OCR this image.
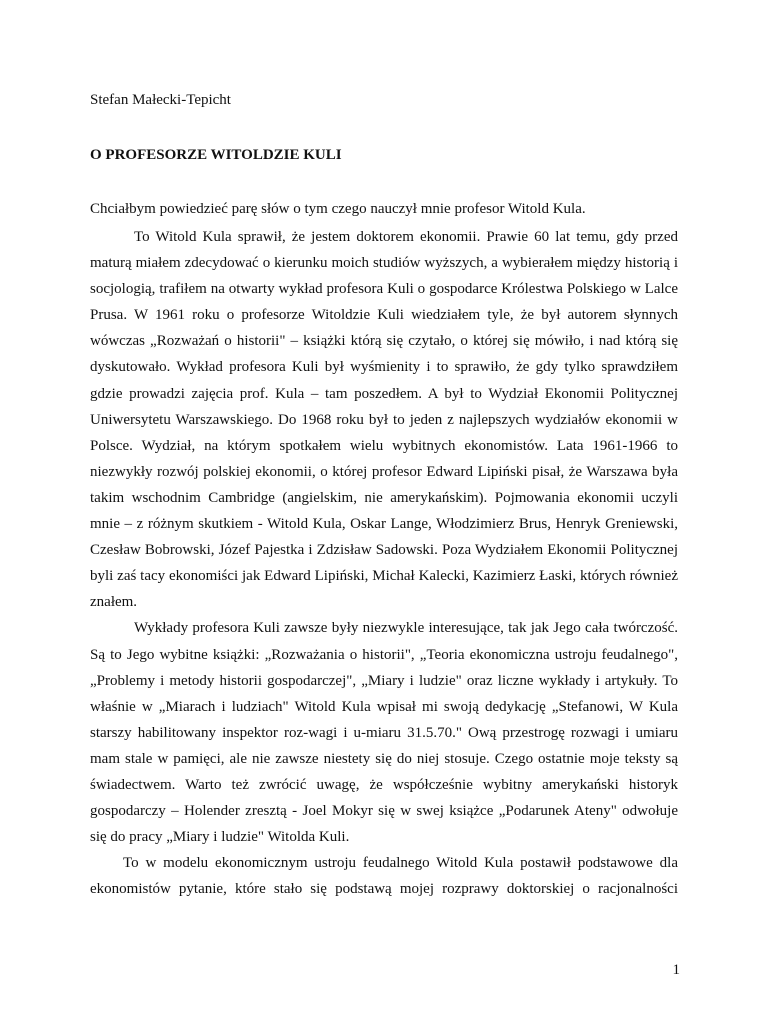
Stefan Małecki-Tepicht
O PROFESORZE WITOLDZIE KULI
Chciałbym powiedzieć parę słów o tym czego nauczył mnie profesor Witold Kula.
To Witold Kula sprawił, że jestem doktorem ekonomii. Prawie 60 lat temu, gdy przed
maturą miałem zdecydować o kierunku moich studiów wyższych, a wybierałem między historią i
socjologią, trafiłem na otwarty wykład profesora Kuli o gospodarce Królestwa Polskiego w Lalce
Prusa. W 1961 roku o profesorze Witoldzie Kuli wiedziałem tyle, że był autorem słynnych
wówczas „Rozważań o historii" – książki którą się czytało, o której się mówiło, i nad którą się
dyskutowało. Wykład profesora Kuli był wyśmienity i to sprawiło, że gdy tylko sprawdziłem
gdzie prowadzi zajęcia prof. Kula – tam poszedłem. A był to Wydział Ekonomii Politycznej
Uniwersytetu Warszawskiego. Do 1968 roku był to jeden z najlepszych wydziałów ekonomii w
Polsce. Wydział, na którym spotkałem wielu wybitnych ekonomistów. Lata 1961-1966 to
niezwykły rozwój polskiej ekonomii, o której profesor Edward Lipiński pisał, że Warszawa była
takim wschodnim Cambridge (angielskim, nie amerykańskim). Pojmowania ekonomii uczyli
mnie – z różnym skutkiem - Witold Kula, Oskar Lange, Włodzimierz Brus, Henryk Greniewski,
Czesław Bobrowski, Józef Pajestka i Zdzisław Sadowski. Poza Wydziałem Ekonomii Politycznej
byli zaś tacy ekonomiści jak Edward Lipiński, Michał Kalecki, Kazimierz Łaski, których również
znałem.
Wykłady profesora Kuli zawsze były niezwykle interesujące, tak jak Jego cała twórczość.
Są to Jego wybitne książki: „Rozważania o historii", „Teoria ekonomiczna ustroju feudalnego",
„Problemy i metody historii gospodarczej", „Miary i ludzie" oraz liczne wykłady i artykuły. To
właśnie w „Miarach i ludziach" Witold Kula wpisał mi swoją dedykację „Stefanowi, W Kula
starszy habilitowany inspektor roz-wagi i u-miaru 31.5.70." Ową przestrogę rozwagi i umiaru
mam stale w pamięci, ale nie zawsze niestety się do niej stosuje. Czego ostatnie moje teksty są
świadectwem. Warto też zwrócić uwagę, że współcześnie wybitny amerykański historyk
gospodarczy – Holender zresztą - Joel Mokyr się w swej książce „Podarunek Ateny" odwołuje
się do pracy „Miary i ludzie" Witolda Kuli.
To w modelu ekonomicznym ustroju feudalnego Witold Kula postawił podstawowe dla
ekonomistów pytanie, które stało się podstawą mojej rozprawy doktorskiej o racjonalności
1
